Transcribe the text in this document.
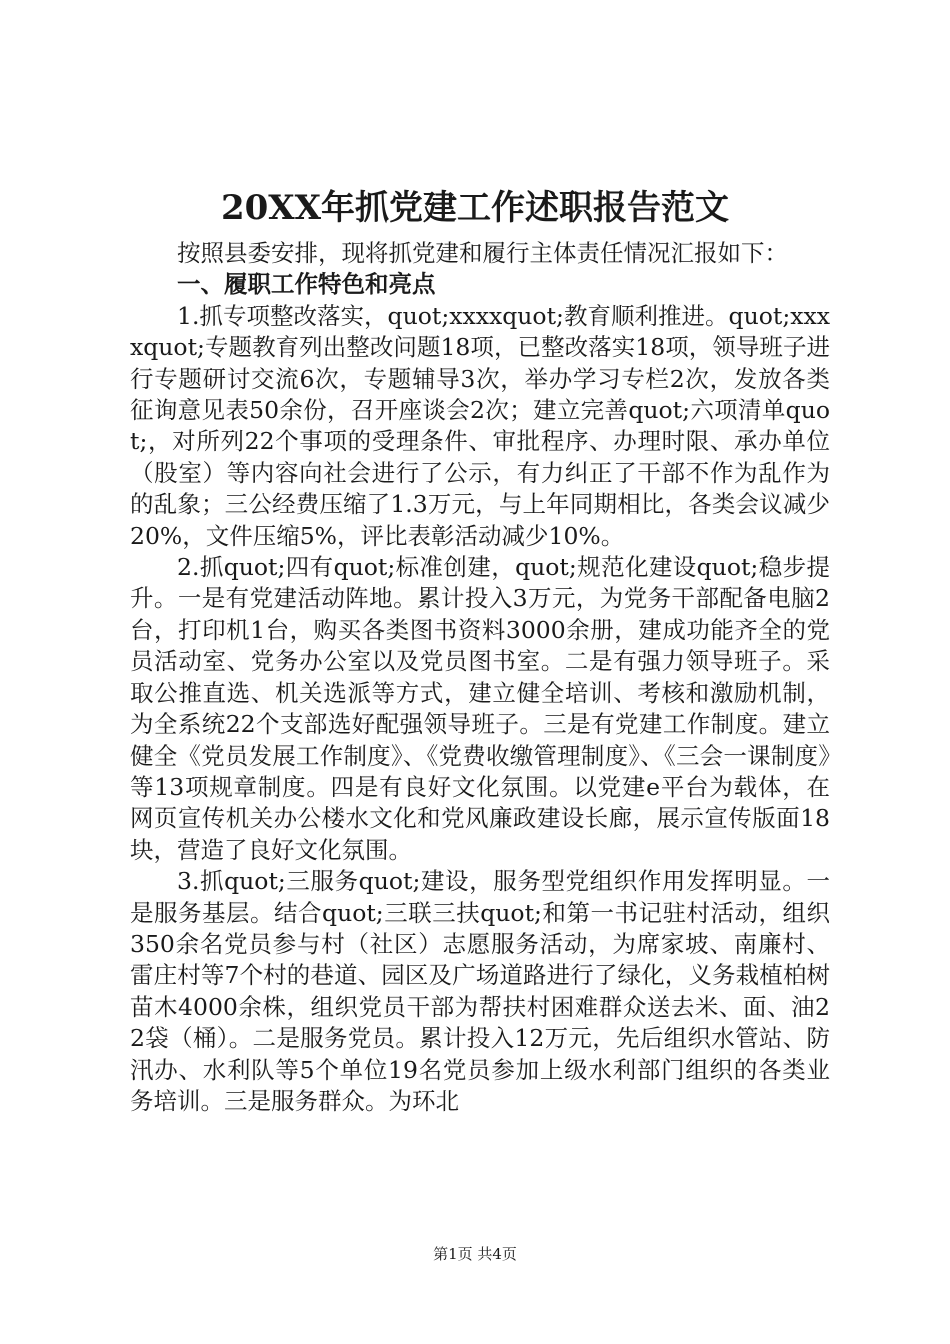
20XX年抓党建工作述职报告范文

按照县委安排，现将抓党建和履行主体责任情况汇报如下：

一、履职工作特色和亮点

1.抓专项整改落实，quot;xxxxquot;教育顺利推进。quot;xxxxquot;专题教育列出整改问题18项，已整改落实18项，领导班子进行专题研讨交流6次，专题辅导3次，举办学习专栏2次，发放各类征询意见表50余份，召开座谈会2次；建立完善quot;六项清单quot;，对所列22个事项的受理条件、审批程序、办理时限、承办单位（股室）等内容向社会进行了公示，有力纠正了干部不作为乱作为的乱象；三公经费压缩了1.3万元，与上年同期相比，各类会议减少20%，文件压缩5%，评比表彰活动减少10%。

2.抓quot;四有quot;标准创建，quot;规范化建设quot;稳步提升。一是有党建活动阵地。累计投入3万元，为党务干部配备电脑2台，打印机1台，购买各类图书资料3000余册，建成功能齐全的党员活动室、党务办公室以及党员图书室。二是有强力领导班子。采取公推直选、机关选派等方式，建立健全培训、考核和激励机制，为全系统22个支部选好配强领导班子。三是有党建工作制度。建立健全《党员发展工作制度》、《党费收缴管理制度》、《三会一课制度》等13项规章制度。四是有良好文化氛围。以党建e平台为载体，在网页宣传机关办公楼水文化和党风廉政建设长廊，展示宣传版面18块，营造了良好文化氛围。

3.抓quot;三服务quot;建设，服务型党组织作用发挥明显。一是服务基层。结合quot;三联三扶quot;和第一书记驻村活动，组织350余名党员参与村（社区）志愿服务活动，为席家坡、南廉村、雷庄村等7个村的巷道、园区及广场道路进行了绿化，义务栽植柏树苗木4000余株，组织党员干部为帮扶村困难群众送去米、面、油22袋（桶）。二是服务党员。累计投入12万元，先后组织水管站、防汛办、水利队等5个单位19名党员参加上级水利部门组织的各类业务培训。三是服务群众。为环北

第1页 共4页
